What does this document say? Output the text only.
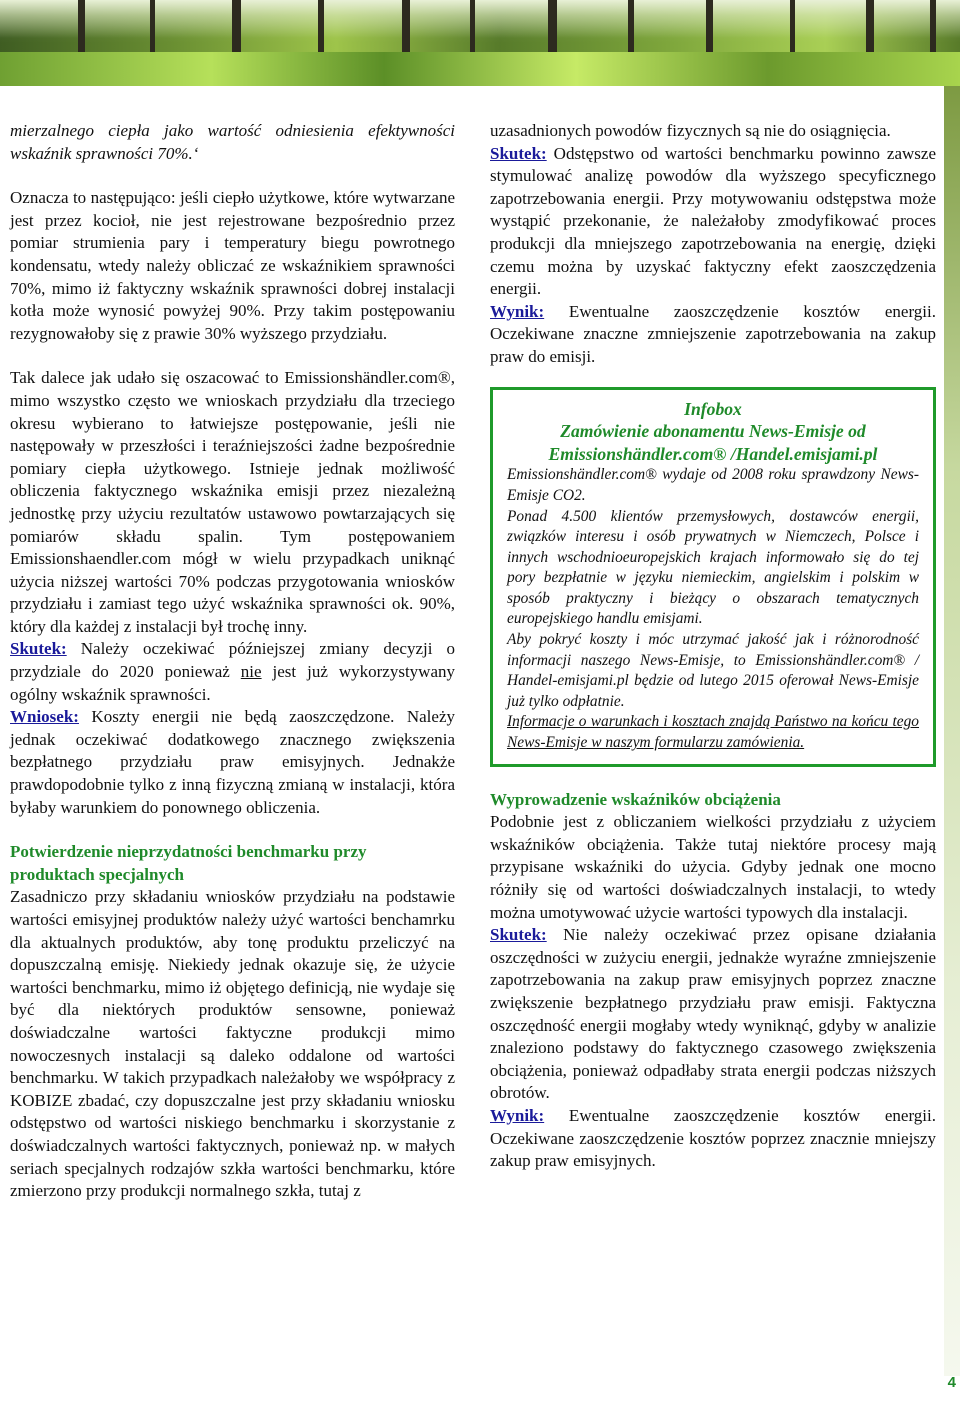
mierzalnego ciepła jako wartość odniesienia efektywności wskaźnik sprawności 70%.‘

Oznacza to następująco: jeśli ciepło użytkowe, które wytwarzane jest przez kocioł, nie jest rejestrowane bezpośrednio przez pomiar strumienia pary i temperatury biegu powrotnego kondensatu, wtedy należy obliczać ze wskaźnikiem sprawności 70%, mimo iż faktyczny wskaźnik sprawności dobrej instalacji kotła może wynosić powyżej 90%. Przy takim postępowaniu rezygnowałoby się z prawie 30% wyższego przydziału.

Tak dalece jak udało się oszacować to Emissionshändler.com®, mimo wszystko często we wnioskach przydziału dla trzeciego okresu wybierano to łatwiejsze postępowanie, jeśli nie następowały w przeszłości i teraźniejszości żadne bezpośrednie pomiary ciepła użytkowego. Istnieje jednak możliwość obliczenia faktycznego wskaźnika emisji przez niezależną jednostkę przy użyciu rezultatów ustawowo powtarzających się pomiarów składu spalin. Tym postępowaniem Emissionshaendler.com mógł w wielu przypadkach uniknąć użycia niższej wartości 70% podczas przygotowania wniosków przydziału i zamiast tego użyć wskaźnika sprawności ok. 90%, który dla każdej z instalacji był trochę inny.

Skutek: Należy oczekiwać późniejszej zmiany decyzji o przydziale do 2020 ponieważ nie jest już wykorzystywany ogólny wskaźnik sprawności.

Wniosek: Koszty energii nie będą zaoszczędzone. Należy jednak oczekiwać dodatkowego znacznego zwiększenia bezpłatnego przydziału praw emisyjnych. Jednakże prawdopodobnie tylko z inną fizyczną zmianą w instalacji, która byłaby warunkiem do ponownego obliczenia.

Potwierdzenie nieprzydatności benchmarku przy produktach specjalnych

Zasadniczo przy składaniu wniosków przydziału na podstawie wartości emisyjnej produktów należy użyć wartości benchamrku dla aktualnych produktów, aby tonę produktu przeliczyć na dopuszczalną emisję. Niekiedy jednak okazuje się, że użycie wartości benchmarku, mimo iż objętego definicją, nie wydaje się być dla niektórych produktów sensowne, ponieważ doświadczalne wartości faktyczne produkcji mimo nowoczesnych instalacji są daleko oddalone od wartości benchmarku. W takich przypadkach należałoby we współpracy z KOBIZE zbadać, czy dopuszczalne jest przy składaniu wniosku odstępstwo od wartości niskiego benchmarku i skorzystanie z doświadczalnych wartości faktycznych, ponieważ np. w małych seriach specjalnych rodzajów szkła wartości benchmarku, które zmierzono przy produkcji normalnego szkła, tutaj z

uzasadnionych powodów fizycznych są nie do osiągnięcia.

Skutek: Odstępstwo od wartości benchmarku powinno zawsze stymulować analizę powodów dla wyższego specyficznego zapotrzebowania energii. Przy motywowaniu odstępstwa może wystąpić przekonanie, że należałoby zmodyfikować proces produkcji dla mniejszego zapotrzebowania na energię, dzięki czemu można by uzyskać faktyczny efekt zaoszczędzenia energii.

Wynik: Ewentualne zaoszczędzenie kosztów energii. Oczekiwane znaczne zmniejszenie zapotrzebowania na zakup praw do emisji.

Infobox
Zamówienie abonamentu News-Emisje od Emissionshändler.com® /Handel.emisjami.pl
Emissionshändler.com® wydaje od 2008 roku sprawdzony News-Emisje CO2.
Ponad 4.500 klientów przemysłowych, dostawców energii, związków interesu i osób prywatnych w Niemczech, Polsce i innych wschodnioeuropejskich krajach informowało się do tej pory bezpłatnie w języku niemieckim, angielskim i polskim w sposób praktyczny i bieżący o obszarach tematycznych europejskiego handlu emisjami.
Aby pokryć koszty i móc utrzymać jakość jak i różnorodność informacji naszego News-Emisje, to Emissionshändler.com® / Handel-emisjami.pl będzie od lutego 2015 oferował News-Emisje już tylko odpłatnie.
Informacje o warunkach i kosztach znajdą Państwo na końcu tego News-Emisje w naszym formularzu zamówienia.

Wyprowadzenie wskaźników obciążenia

Podobnie jest z obliczaniem wielkości przydziału z użyciem wskaźników obciążenia. Także tutaj niektóre procesy mają przypisane wskaźniki do użycia. Gdyby jednak one mocno różniły się od wartości doświadczalnych instalacji, to wtedy można umotywować użycie wartości typowych dla instalacji.

Skutek: Nie należy oczekiwać przez opisane działania oszczędności w zużyciu energii, jednakże wyraźne zmniejszenie zapotrzebowania na zakup praw emisyjnych poprzez znaczne zwiększenie bezpłatnego przydziału praw emisji. Faktyczna oszczędność energii mogłaby wtedy wyniknąć, gdyby w analizie znaleziono podstawy do faktycznego czasowego zwiększenia obciążenia, ponieważ odpadłaby strata energii podczas niższych obrotów.

Wynik: Ewentualne zaoszczędzenie kosztów energii. Oczekiwane zaoszczędzenie kosztów poprzez znacznie mniejszy zakup praw emisyjnych.

4
